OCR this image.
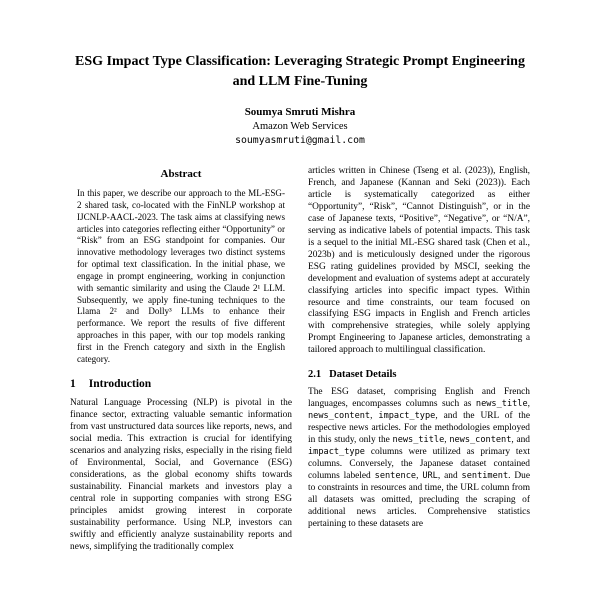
ESG Impact Type Classification: Leveraging Strategic Prompt Engineering and LLM Fine-Tuning
Soumya Smruti Mishra
Amazon Web Services
soumyasmruti@gmail.com
Abstract

In this paper, we describe our approach to the ML-ESG-2 shared task, co-located with the FinNLP workshop at IJCNLP-AACL-2023. The task aims at classifying news articles into categories reflecting either “Opportunity” or “Risk” from an ESG standpoint for companies. Our innovative methodology leverages two distinct systems for optimal text classification. In the initial phase, we engage in prompt engineering, working in conjunction with semantic similarity and using the Claude 2¹ LLM. Subsequently, we apply fine-tuning techniques to the Llama 2² and Dolly³ LLMs to enhance their performance. We report the results of five different approaches in this paper, with our top models ranking first in the French category and sixth in the English category.

1 Introduction

Natural Language Processing (NLP) is pivotal in the finance sector, extracting valuable semantic information from vast unstructured data sources like reports, news, and social media. This extraction is crucial for identifying scenarios and analyzing risks, especially in the rising field of Environmental, Social, and Governance (ESG) considerations, as the global economy shifts towards sustainability. Financial markets and investors play a central role in supporting companies with strong ESG principles amidst growing interest in corporate sustainability performance. Using NLP, investors can swiftly and efficiently analyze sustainability reports and news, simplifying the traditionally complex

articles written in Chinese (Tseng et al. (2023)), English, French, and Japanese (Kannan and Seki (2023)). Each article is systematically categorized as either “Opportunity”, “Risk”, “Cannot Distinguish”, or in the case of Japanese texts, “Positive”, “Negative”, or “N/A”, serving as indicative labels of potential impacts. This task is a sequel to the initial ML-ESG shared task (Chen et al., 2023b) and is meticulously designed under the rigorous ESG rating guidelines provided by MSCI, seeking the development and evaluation of systems adept at accurately classifying articles into specific impact types. Within resource and time constraints, our team focused on classifying ESG impacts in English and French articles with comprehensive strategies, while solely applying Prompt Engineering to Japanese articles, demonstrating a tailored approach to multilingual classification.

2.1 Dataset Details

The ESG dataset, comprising English and French languages, encompasses columns such as news_title, news_content, impact_type, and the URL of the respective news articles. For the methodologies employed in this study, only the news_title, news_content, and impact_type columns were utilized as primary text columns. Conversely, the Japanese dataset contained columns labeled sentence, URL, and sentiment. Due to constraints in resources and time, the URL column from all datasets was omitted, precluding the scraping of additional news articles. Comprehensive statistics pertaining to these datasets are
